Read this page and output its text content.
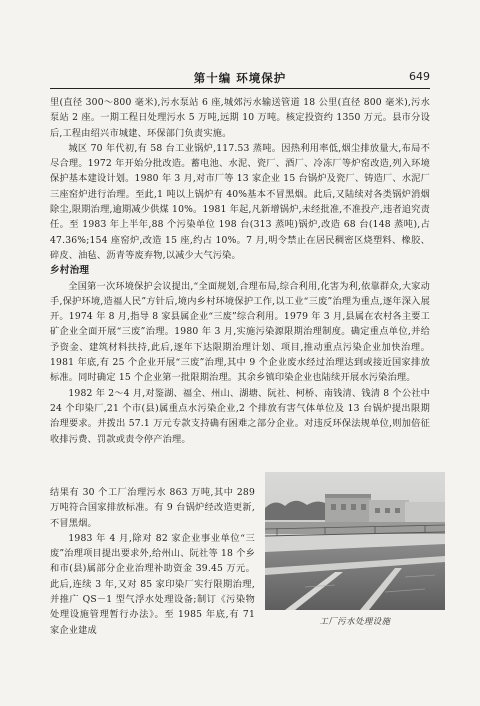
第十编 环境保护	649

里(直径 300～800 毫米),污水泵站 6 座,城郊污水输送管道 18 公里(直径 800 毫米),污水泵站 2 座。一期工程日处理污水 5 万吨,远期 10 万吨。核定投资约 1350 万元。县市分设后,工程由绍兴市城建、环保部门负责实施。

城区 70 年代初,有 58 台工业锅炉,117.53 蒸吨。因热利用率低,烟尘排放量大,布局不尽合理。1972 年开始分批改造。蓄电池、水泥、瓷厂、酒厂、冷冻厂等炉窑改造,列入环境保护基本建设计划。1980 年 3 月,对市厂等 13 家企业 15 台锅炉及瓷厂、铸造厂、水泥厂三座窑炉进行治理。至此,1 吨以上锅炉有 40%基本不冒黑烟。此后,又陆续对各类锅炉消烟除尘,限期治理,逾期减少供煤 10%。1981 年起,凡新增锅炉,未经批准,不准投产,违者追究责任。至 1983 年上半年,88 个污染单位 198 台(313 蒸吨)锅炉,改造 68 台(148 蒸吨),占 47.36%;154 座窑炉,改造 15 座,约占 10%。7 月,明令禁止在居民稠密区烧塑料、橡胶、碎皮、油毡、沥青等废弃物,以减少大气污染。

乡村治理

全国第一次环境保护会议提出,“全面规划,合理布局,综合利用,化害为利,依靠群众,大家动手,保护环境,造福人民”方针后,境内乡村环境保护工作,以工业“三废”治理为重点,逐年深入展开。1974 年 8 月,指导 8 家县属企业“三废”综合利用。1979 年 3 月,县属在农村各主要工矿企业全面开展“三废”治理。1980 年 3 月,实施污染源限期治理制度。确定重点单位,并给予资金、建筑材料扶持,此后,逐年下达限期治理计划、项目,推动重点污染企业加快治理。1981 年底,有 25 个企业开展“三废”治理,其中 9 个企业废水经过治理达到或接近国家排放标准。同时确定 15 个企业第一批限期治理。其余乡镇印染企业也陆续开展水污染治理。

1982 年 2～4 月,对鉴湖、福全、州山、湖塘、阮社、柯桥、南钱清、钱清 8 个公社中 24 个印染厂,21 个市(县)属重点水污染企业,2 个排放有害气体单位及 13 台锅炉提出限期治理要求。并拨出 57.1 万元专款支持确有困难之部分企业。对违反环保法规单位,则加倍征收排污费、罚款或责令停产治理。

结果有 30 个工厂治理污水 863 万吨,其中 289 万吨符合国家排放标准。有 9 台锅炉经改造更新,不冒黑烟。

1983 年 4 月,除对 82 家企业事业单位“三废”治理项目提出要求外,给州山、阮社等 18 个乡和市(县)属部分企业治理补助资金 39.45 万元。此后,连续 3 年,又对 85 家印染厂实行限期治理,并推广 QS－1 型气浮水处理设备;制订《污染物处理设施管理暂行办法》。至 1985 年底,有 71 家企业建成

工厂污水处理设施
